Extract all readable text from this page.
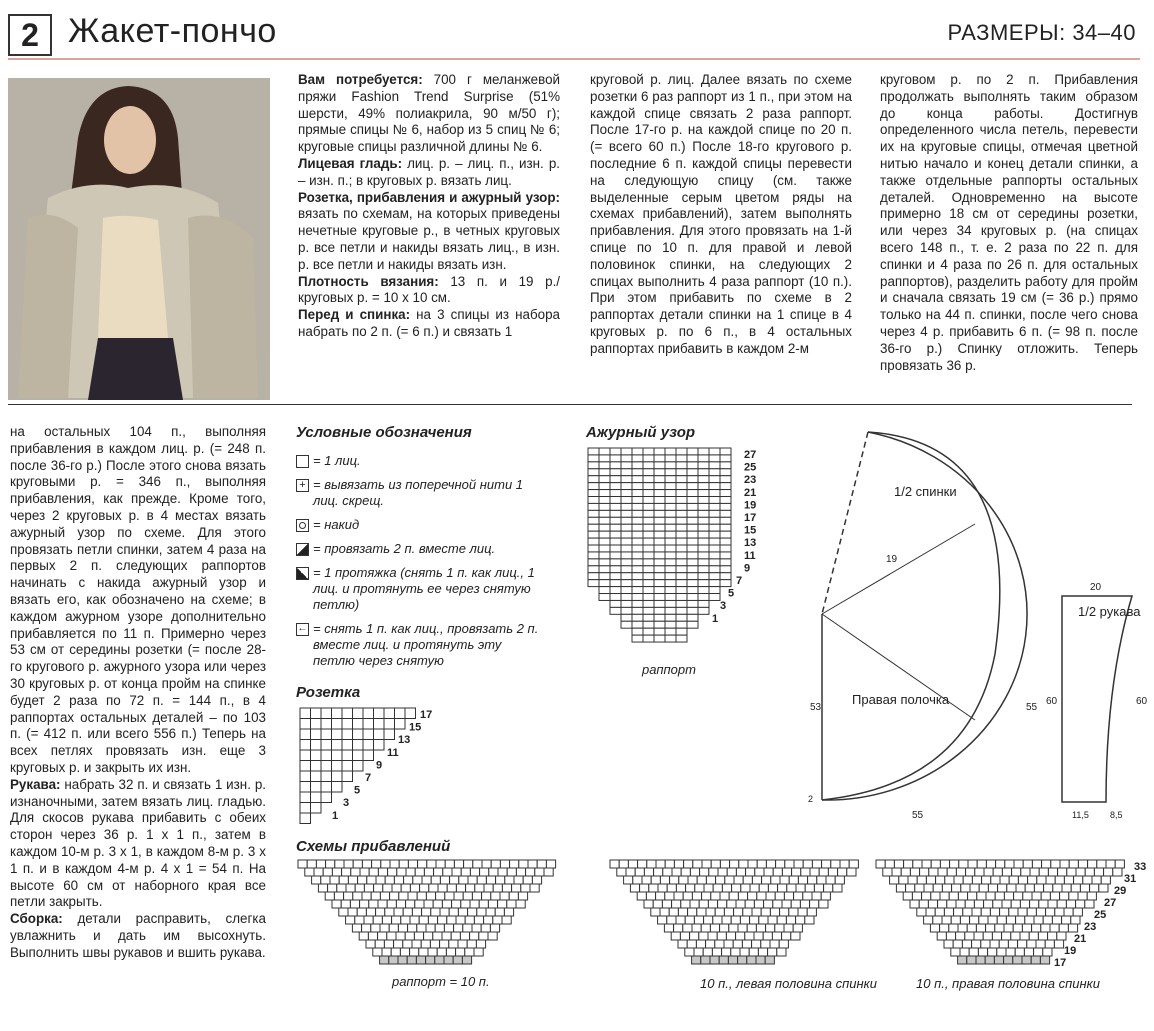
2 Жакет-пончо	РАЗМЕРЫ: 34–40

Вам потребуется: 700 г меланжевой пряжи Fashion Trend Surprise (51% шерсти, 49% полиакрила, 90 м/50 г); прямые спицы № 6, набор из 5 спиц № 6; круговые спицы различной длины № 6.

Лицевая гладь: лиц. р. – лиц. п., изн. р. – изн. п.; в круговых р. вязать лиц.

Розетка, прибавления и ажурный узор: вязать по схемам, на которых приведены нечетные круговые р., в четных круговых р. все петли и накиды вязать лиц., в изн. р. все петли и накиды вязать изн.

Плотность вязания: 13 п. и 19 р./круговых р. = 10 x 10 см.

Перед и спинка: на 3 спицы из набора набрать по 2 п. (= 6 п.) и связать 1

круговой р. лиц. Далее вязать по схеме розетки 6 раз раппорт из 1 п., при этом на каждой спице связать 2 раза раппорт. После 17-го р. на каждой спице по 20 п. (= всего 60 п.) После 18-го кругового р. последние 6 п. каждой спицы перевести на следующую спицу (см. также выделенные серым цветом ряды на схемах прибавлений), затем выполнять прибавления. Для этого провязать на 1-й спице по 10 п. для правой и левой половинок спинки, на следующих 2 спицах выполнить 4 раза раппорт (10 п.). При этом прибавить по схеме в 2 раппортах детали спинки на 1 спице в 4 круговых р. по 6 п., в 4 остальных раппортах прибавить в каждом 2-м

круговом р. по 2 п. Прибавления продолжать выполнять таким образом до конца работы. Достигнув определенного числа петель, перевести их на круговые спицы, отмечая цветной нитью начало и конец детали спинки, а также отдельные раппорты остальных деталей. Одновременно на высоте примерно 18 см от середины розетки, или через 34 круговых р. (на спицах всего 148 п., т. е. 2 раза по 22 п. для спинки и 4 раза по 26 п. для остальных раппортов), разделить работу для пройм и сначала связать 19 см (= 36 р.) прямо только на 44 п. спинки, после чего снова через 4 р. прибавить 6 п. (= 98 п. после 36-го р.) Спинку отложить. Теперь провязать 36 р.

на остальных 104 п., выполняя прибавления в каждом лиц. р. (= 248 п. после 36-го р.) После этого снова вязать круговыми р. = 346 п., выполняя прибавления, как прежде. Кроме того, через 2 круговых р. в 4 местах вязать ажурный узор по схеме. Для этого провязать петли спинки, затем 4 раза на первых 2 п. следующих раппортов начинать с накида ажурный узор и вязать его, как обозначено на схеме; в каждом ажурном узоре дополнительно прибавляется по 11 п. Примерно через 53 см от середины розетки (= после 28-го кругового р. ажурного узора или через 30 круговых р. от конца пройм на спинке будет 2 раза по 72 п. = 144 п., в 4 раппортах остальных деталей – по 103 п. (= 412 п. или всего 556 п.) Теперь на всех петлях провязать изн. еще 3 круговых р. и закрыть их изн.

Рукава: набрать 32 п. и связать 1 изн. р. изнаночными, затем вязать лиц. гладью. Для скосов рукава прибавить с обеих сторон через 36 р. 1 x 1 п., затем в каждом 10-м р. 3 x 1, в каждом 8-м р. 3 x 1 п. и в каждом 4-м р. 4 x 1 = 54 п. На высоте 60 см от наборного края все петли закрыть.

Сборка: детали расправить, слегка увлажнить и дать им высохнуть. Выполнить швы рукавов и вшить рукава.

Условные обозначения
= 1 лиц.
+ = вывязать из поперечной нити 1 лиц. скрещ.
= накид
= провязать 2 п. вместе лиц.
= 1 протяжка (снять 1 п. как лиц., 1 лиц. и протянуть ее через снятую петлю)
← = снять 1 п. как лиц., провязать 2 п. вместе лиц. и протянуть эту петлю через снятую
Ажурный узор
27
25
23
21
19
17
15
13
11
9
7
5
3
1
раппорт
Розетка
17
15
13
11
9
7
5
3
1
1/2 спинки
19
Правая полочка
53
55
55
2
1/2 рукава
20
60	60
11,5 8,5
Схемы прибавлений
33
31
29
27
25
23
21
19
17
раппорт = 10 п.	10 п., левая половина спинки	10 п., правая половина спинки
